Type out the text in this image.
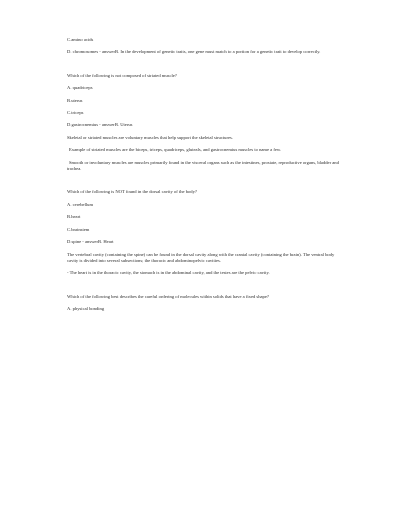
C.amino acids

D. chromosomes - answerB. In the development of genetic traits, one gene must match to a portion for a genetic trait to develop correctly.

Which of the following is not composed of striated muscle?

A. quadriceps

B.uterus

C.triceps

D.gastrocnemius - answerB. Uterus

Skeletal or striated muscles are voluntary muscles that help support the skeletal structures.

Example of striated muscles are the biceps, triceps, quadriceps, gluteals, and gastrocnemius muscles to name a few.

Smooth or involuntary muscles are muscles primarily found in the visceral organs such as the intestines, prostate, reproductive organs, bladder and trachea.

Which of the following is NOT found in the dorsal cavity of the body?

A. cerebellum

B.heart

C.brainstem

D.spine - answerB. Heart

The vertebral cavity (containing the spine) can be found in the dorsal cavity along with the cranial cavity (containing the brain). The ventral body cavity is divided into several subsections; the thoracic and abdominopelvic cavities.

- The heart is in the thoracic cavity, the stomach is in the abdominal cavity, and the testes are the pelvic cavity.

Which of the following best describes the careful ordering of molecules within solids that have a fixed shape?

A. physical bonding
